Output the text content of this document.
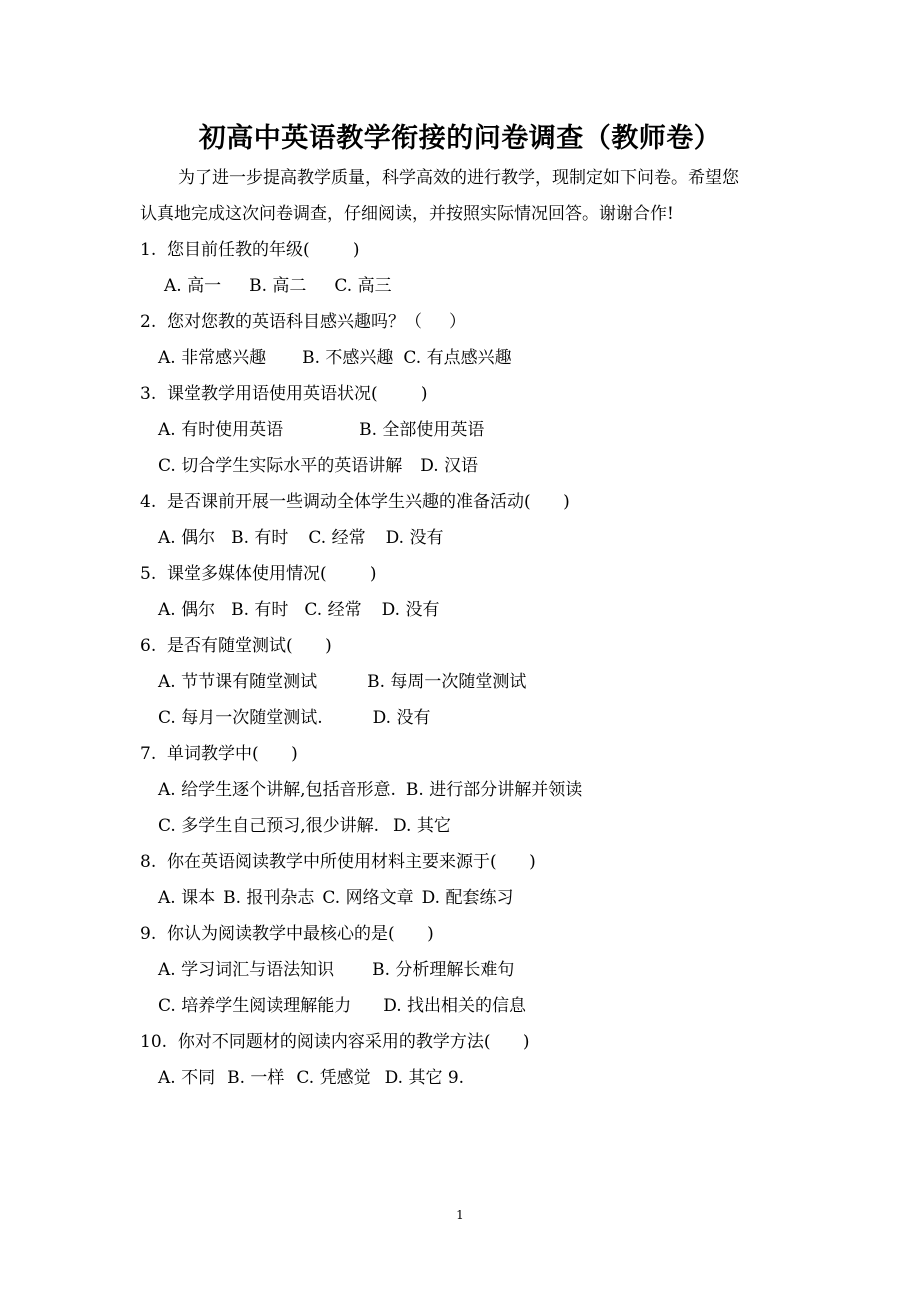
初高中英语教学衔接的问卷调查（教师卷）

为了进一步提高教学质量，科学高效的进行教学，现制定如下问卷。希望您

认真地完成这次问卷调查，仔细阅读，并按照实际情况回答。谢谢合作!

1.  您目前任教的年级(        )
A. 高一 B. 高二 C. 高三
2.  您对您教的英语科目感兴趣吗？（     ）
A. 非常感兴趣 B. 不感兴趣 C. 有点感兴趣
3.  课堂教学用语使用英语状况(        )
A. 有时使用英语	B. 全部使用英语
C. 切合学生实际水平的英语讲解 D. 汉语
4.  是否课前开展一些调动全体学生兴趣的准备活动(      )
A. 偶尔 B. 有时 C. 经常 D. 没有
5.  课堂多媒体使用情况(        )
A. 偶尔 B. 有时 C. 经常 D. 没有
6.  是否有随堂测试(      )
A. 节节课有随堂测试	B. 每周一次随堂测试
C. 每月一次随堂测试.	D. 没有
7.  单词教学中(      )
A. 给学生逐个讲解,包括音形意. B. 进行部分讲解并领读
C. 多学生自己预习,很少讲解. D. 其它
8.  你在英语阅读教学中所使用材料主要来源于(      )
A. 课本 B. 报刊杂志 C. 网络文章 D. 配套练习
9.  你认为阅读教学中最核心的是(      )
A. 学习词汇与语法知识 B. 分析理解长难句
C. 培养学生阅读理解能力 D. 找出相关的信息
10.  你对不同题材的阅读内容采用的教学方法(      )
A. 不同 B. 一样 C. 凭感觉 D. 其它 9.
1
